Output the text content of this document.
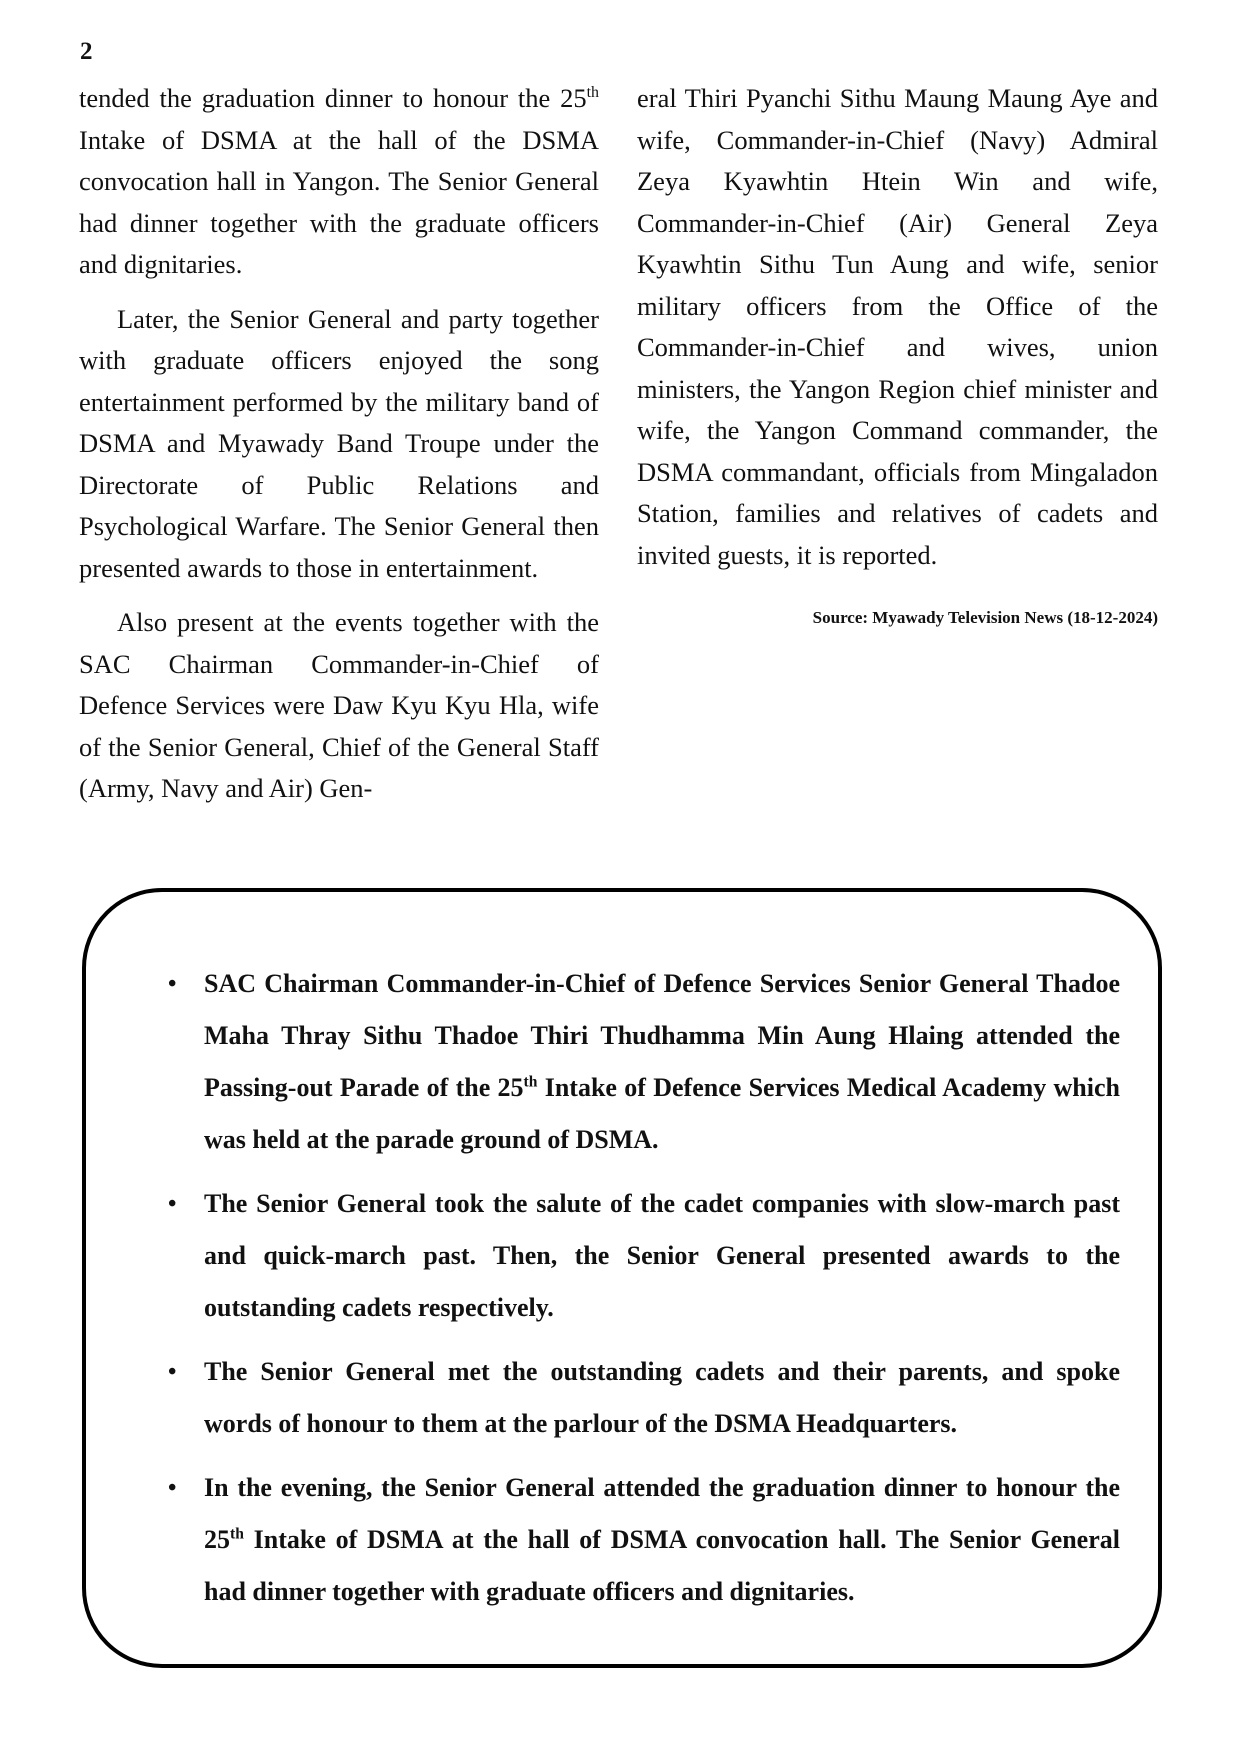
2

tended the graduation dinner to honour the 25th Intake of DSMA at the hall of the DSMA convocation hall in Yangon. The Senior General had dinner together with the graduate officers and dignitaries.

Later, the Senior General and party together with graduate officers enjoyed the song entertainment performed by the military band of DSMA and Myawady Band Troupe under the Directorate of Public Relations and Psychological Warfare. The Senior General then presented awards to those in entertainment.

Also present at the events together with the SAC Chairman Commander-in-Chief of Defence Services were Daw Kyu Kyu Hla, wife of the Senior General, Chief of the General Staff (Army, Navy and Air) Gen-

eral Thiri Pyanchi Sithu Maung Maung Aye and wife, Commander-in-Chief (Navy) Admiral Zeya Kyawhtin Htein Win and wife, Commander-in-Chief (Air) General Zeya Kyawhtin Sithu Tun Aung and wife, senior military officers from the Office of the Commander-in-Chief and wives, union ministers, the Yangon Region chief minister and wife, the Yangon Command commander, the DSMA commandant, officials from Mingaladon Station, families and relatives of cadets and invited guests, it is reported.

Source: Myawady Television News (18-12-2024)
• SAC Chairman Commander-in-Chief of Defence Services Senior General Thadoe Maha Thray Sithu Thadoe Thiri Thudhamma Min Aung Hlaing attended the Passing-out Parade of the 25th Intake of Defence Services Medical Academy which was held at the parade ground of DSMA.
• The Senior General took the salute of the cadet companies with slow-march past and quick-march past. Then, the Senior General presented awards to the outstanding cadets respectively.
• The Senior General met the outstanding cadets and their parents, and spoke words of honour to them at the parlour of the DSMA Headquarters.
• In the evening, the Senior General attended the graduation dinner to honour the 25th Intake of DSMA at the hall of DSMA convocation hall. The Senior General had dinner together with graduate officers and dignitaries.
